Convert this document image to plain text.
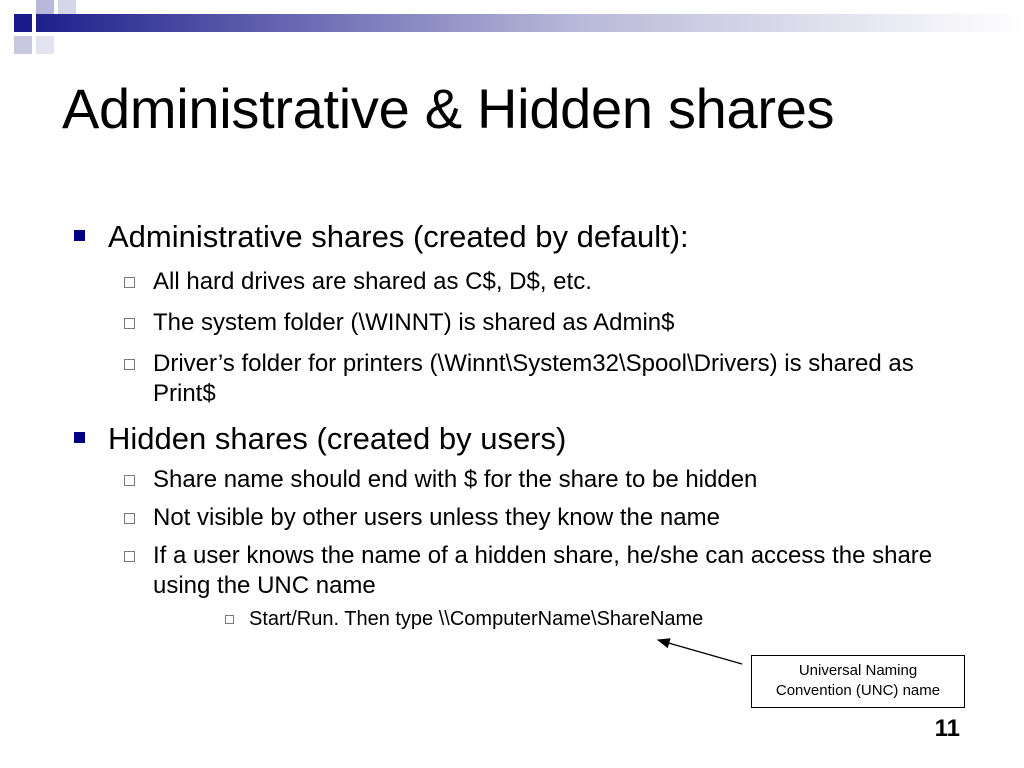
Administrative & Hidden shares
Administrative shares (created by default):
All hard drives are shared as C$, D$, etc.
The system folder (\WINNT) is shared as Admin$
Driver’s folder for printers (\Winnt\System32\Spool\Drivers) is shared as Print$
Hidden shares (created by users)
Share name should end with $ for the share to be hidden
Not visible by other users unless they know the name
If a user knows the name of a hidden share, he/she can access the share using the UNC name
Start/Run. Then type \\ComputerName\ShareName
Universal Naming
Convention (UNC) name
11
